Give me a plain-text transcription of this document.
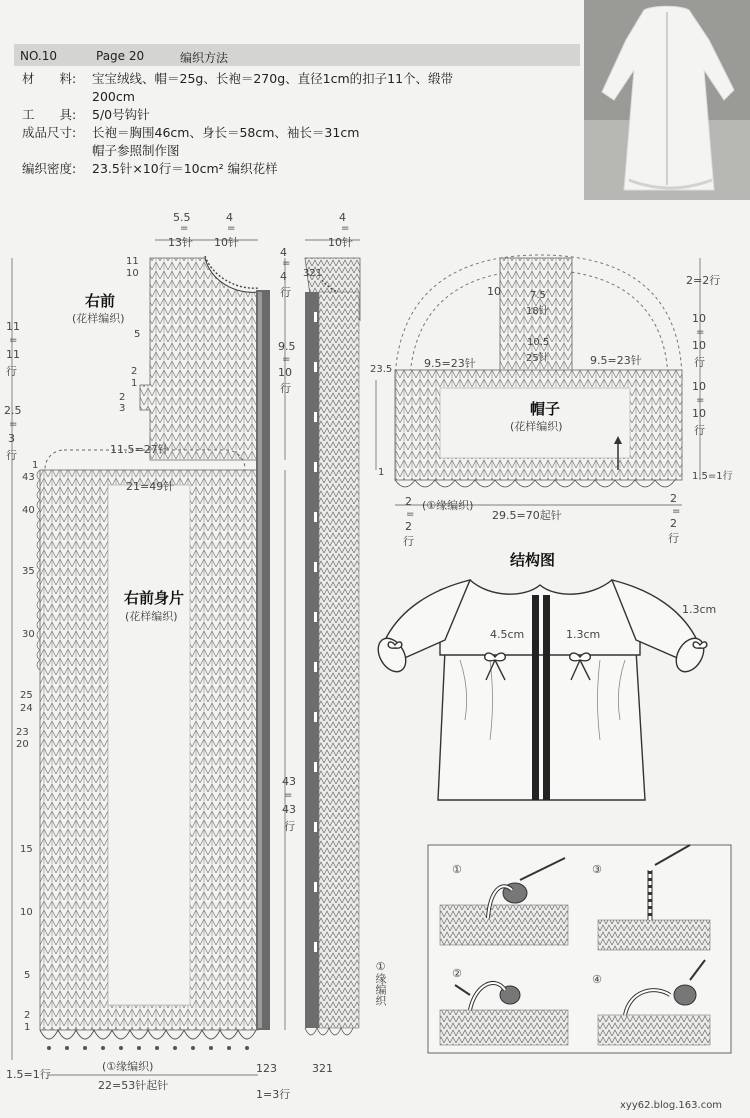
NO.10	Page 20	编织方法
材　　料: 宝宝绒线、帽＝25g、长袍＝270g、直径1cm的扣子11个、缎带
200cm
工　　具: 5/0号钩针
成品尺寸: 长袍＝胸围46cm、身长＝58cm、袖长＝31cm
帽子参照制作图
编织密度: 23.5针×10行＝10cm² 编织花样
右前
(花样编织)
右前身片
(花样编织)
5.5
=
13针
4
=
10针
11
=
11
行
2.5
=
3
行
4
=
4
行
9.5
=
10
行
11.5=27针
21=49针
43
=
43
行
(①缘编织)
1.5=1行
22=53针起针
1=3行
11
10
5
2
1
2
3
1
43
40
35
30
25
24
23
20
15
10
5
2
1
321
123	321
4
=
10针
①缘编织
帽子
(花样编织)
9.5=23针	9.5=23针
23.5
10	7.5
18针
10.5
25针
2=2行
10
=
10
行
10
=
10
行
1.5=1行
(①缘编织)
29.5=70起针
2
=
2
行
2
=
2
行
1
结构图
4.5cm	1.3cm
1.3cm
①
②
③
④
xyy62.blog.163.com
